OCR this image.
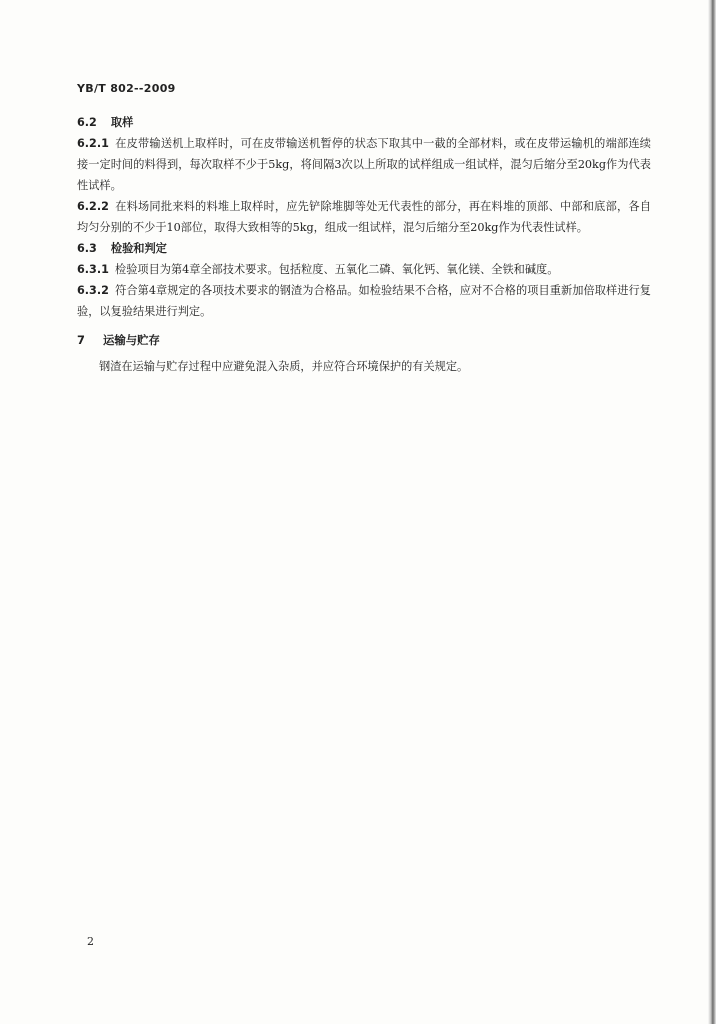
YB/T 802--2009
6.2 取样
6.2.1 在皮带输送机上取样时，可在皮带输送机暂停的状态下取其中一截的全部材料，或在皮带运输机的端部连续接一定时间的料得到，每次取样不少于5kg，将间隔3次以上所取的试样组成一组试样，混匀后缩分至20kg作为代表性试样。
6.2.2 在料场同批来料的料堆上取样时，应先铲除堆脚等处无代表性的部分，再在料堆的顶部、中部和底部，各自均匀分别的不少于10部位，取得大致相等的5kg，组成一组试样，混匀后缩分至20kg作为代表性试样。
6.3 检验和判定
6.3.1 检验项目为第4章全部技术要求。包括粒度、五氧化二磷、氧化钙、氧化镁、全铁和碱度。
6.3.2 符合第4章规定的各项技术要求的钢渣为合格品。如检验结果不合格，应对不合格的项目重新加倍取样进行复验，以复验结果进行判定。
7 运输与贮存
钢渣在运输与贮存过程中应避免混入杂质，并应符合环境保护的有关规定。
2
